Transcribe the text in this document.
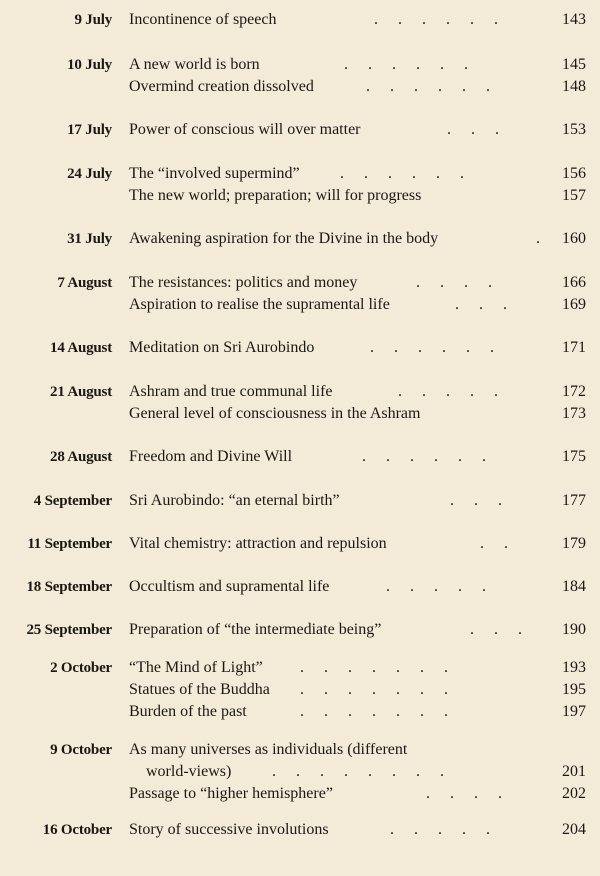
9 July Incontinence of speech	. . . . . .	143
10 July A new world is born	. . . . . .	145
Overmind creation dissolved	. . . . . .	148
17 July Power of conscious will over matter	. . .	153
24 July The “involved supermind”	. . . . . .	156
The new world; preparation; will for progress	157
31 July Awakening aspiration for the Divine in the body	. 160
7 August The resistances: politics and money	. . . .	166
Aspiration to realise the supramental life	. . .	169
14 August Meditation on Sri Aurobindo	. . . . . .	171
21 August Ashram and true communal life	. . . . .	172
General level of consciousness in the Ashram	173
28 August Freedom and Divine Will	. . . . . .	175
4 September Sri Aurobindo: “an eternal birth”	. . .	177
11 September Vital chemistry: attraction and repulsion	. .	179
18 September Occultism and supramental life	. . . . .	184
25 September Preparation of “the intermediate being”	. . .	190
2 October “The Mind of Light” . . . . . . .	193
Statues of the Buddha . . . . . . .	195
Burden of the past	. . . . . . .	197
9 October As many universes as individuals (different
world-views)	. . . . . . . .	201
Passage to “higher hemisphere”	. . . .	202
16 October Story of successive involutions	. . . . .	204
